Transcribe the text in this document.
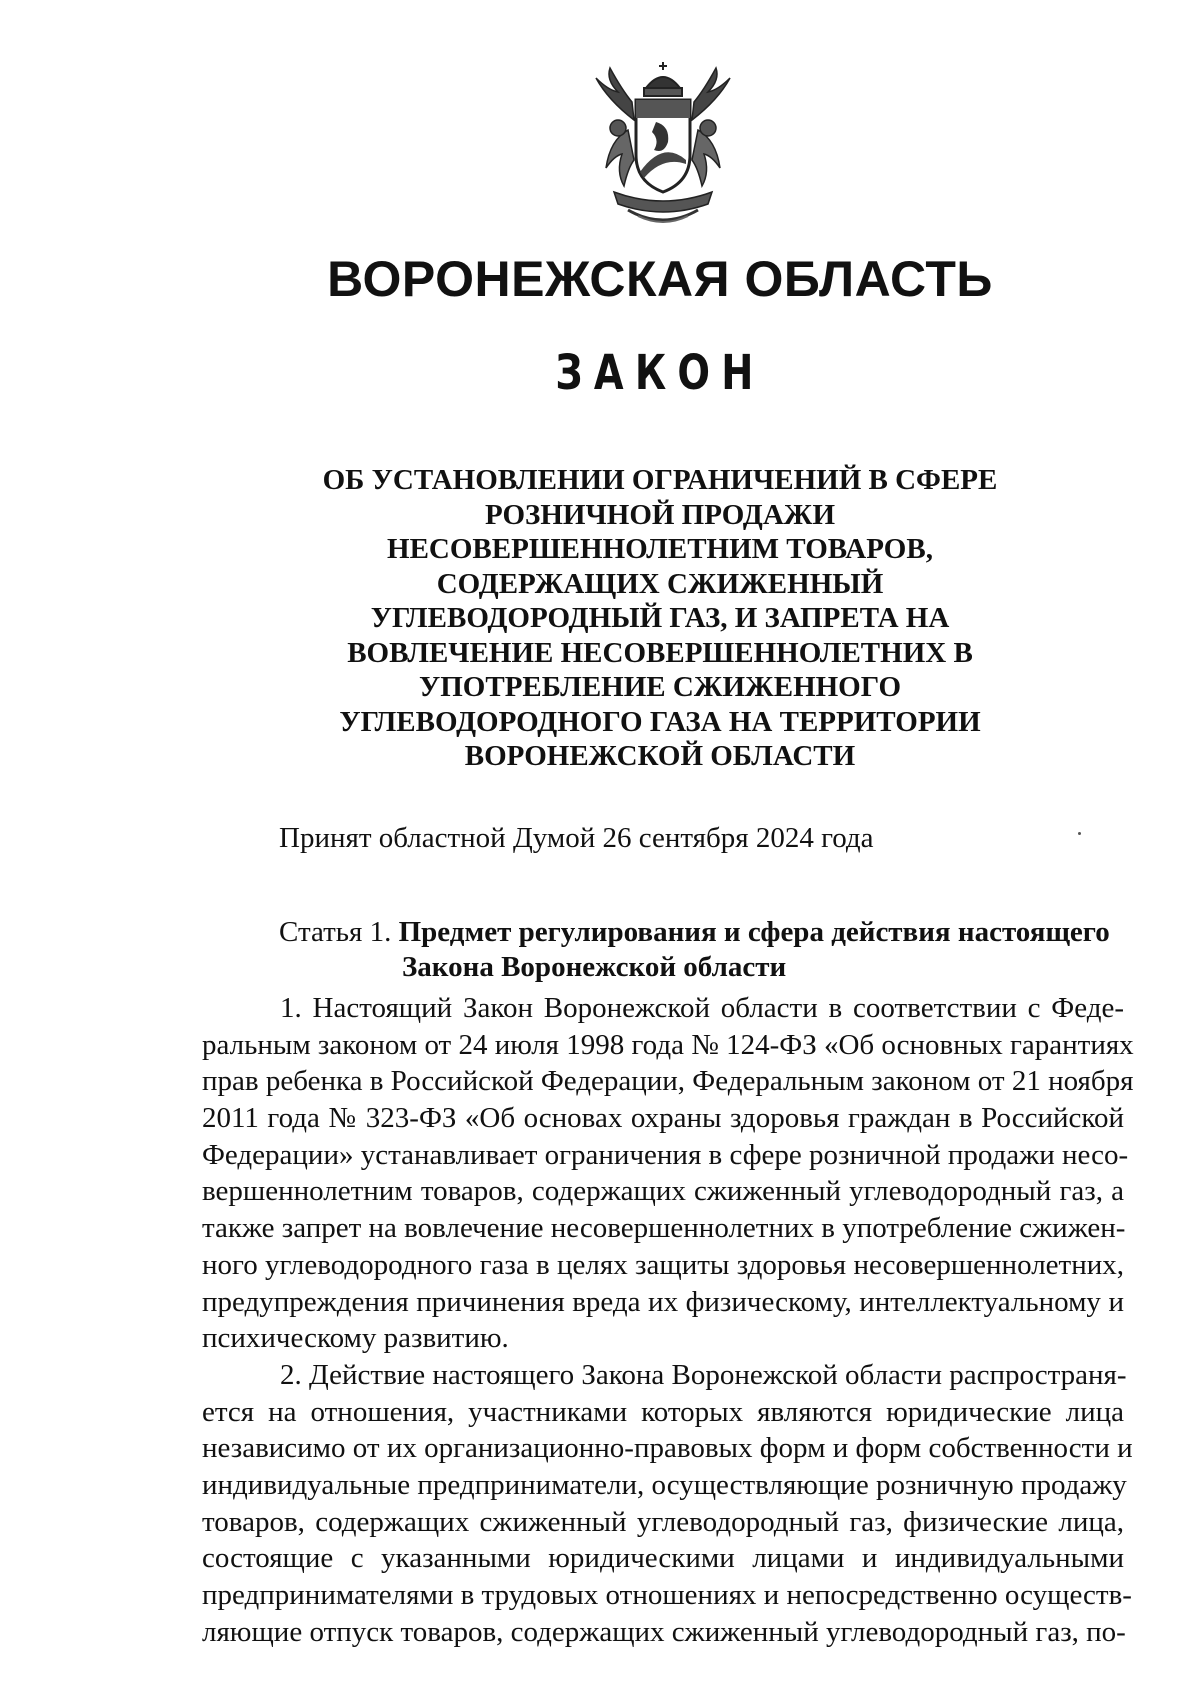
ВОРОНЕЖСКАЯ ОБЛАСТЬ
ЗАКОН
ОБ УСТАНОВЛЕНИИ ОГРАНИЧЕНИЙ В СФЕРЕ
РОЗНИЧНОЙ ПРОДАЖИ
НЕСОВЕРШЕННОЛЕТНИМ ТОВАРОВ,
СОДЕРЖАЩИХ СЖИЖЕННЫЙ
УГЛЕВОДОРОДНЫЙ ГАЗ, И ЗАПРЕТА НА
ВОВЛЕЧЕНИЕ НЕСОВЕРШЕННОЛЕТНИХ В
УПОТРЕБЛЕНИЕ СЖИЖЕННОГО
УГЛЕВОДОРОДНОГО ГАЗА НА ТЕРРИТОРИИ
ВОРОНЕЖСКОЙ ОБЛАСТИ
Принят областной Думой 26 сентября 2024 года
Статья 1. Предмет регулирования и сфера действия настоящего
Закона Воронежской области
1. Настоящий Закон Воронежской области в соответствии с Феде-
ральным законом от 24 июля 1998 года № 124-ФЗ «Об основных гарантиях
прав ребенка в Российской Федерации, Федеральным законом от 21 ноября
2011 года № 323-ФЗ «Об основах охраны здоровья граждан в Российской
Федерации» устанавливает ограничения в сфере розничной продажи несо-
вершеннолетним товаров, содержащих сжиженный углеводородный газ, а
также запрет на вовлечение несовершеннолетних в употребление сжижен-
ного углеводородного газа в целях защиты здоровья несовершеннолетних,
предупреждения причинения вреда их физическому, интеллектуальному и
психическому развитию.
2. Действие настоящего Закона Воронежской области распространя-
ется на отношения, участниками которых являются юридические лица
независимо от их организационно-правовых форм и форм собственности и
индивидуальные предприниматели, осуществляющие розничную продажу
товаров, содержащих сжиженный углеводородный газ, физические лица,
состоящие с указанными юридическими лицами и индивидуальными
предпринимателями в трудовых отношениях и непосредственно осуществ-
ляющие отпуск товаров, содержащих сжиженный углеводородный газ, по-
